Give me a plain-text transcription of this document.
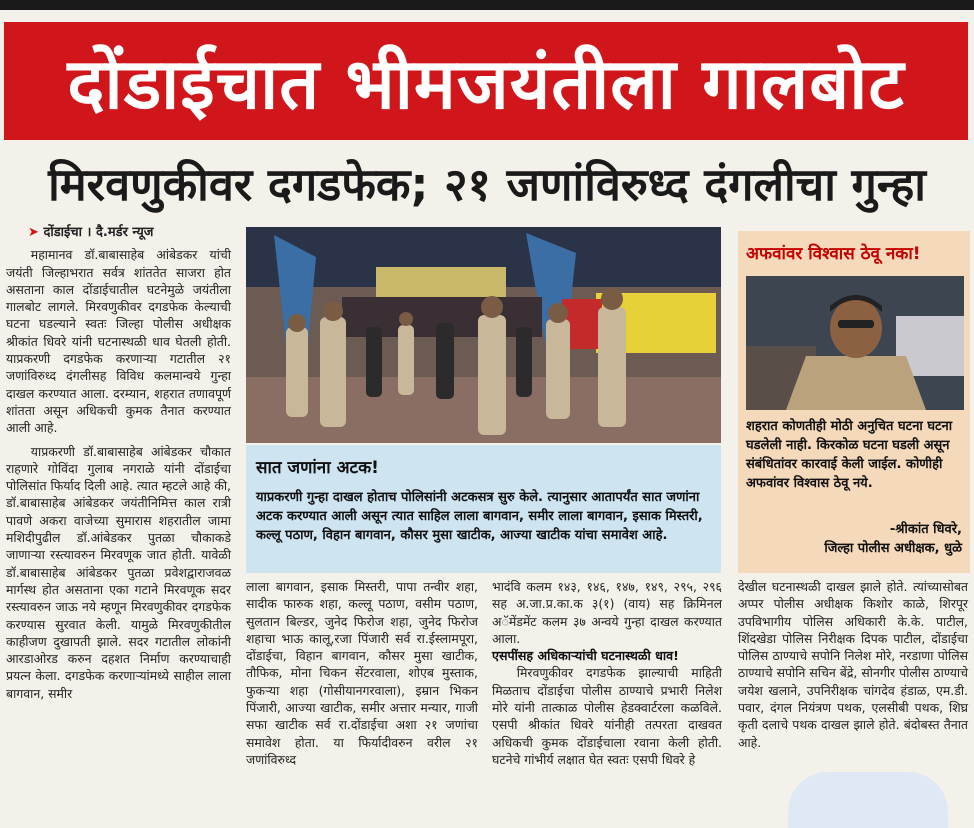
दोंडाईचात भीमजयंतीला गालबोट
मिरवणुकीवर दगडफेक; २१ जणांविरुध्द दंगलीचा गुन्हा
➤ दोंडाईचा । दै.मर्डर न्यूज

महामानव डॉ.बाबासाहेब आंबेडकर यांची जयंती जिल्हाभरात सर्वत्र शांततेत साजरा होत असताना काल दोंडाईचातील घटनेमुळे जयंतीला गालबोट लागले. मिरवणुकीवर दगडफेक केल्याची घटना घडल्याने स्वतः जिल्हा पोलीस अधीक्षक श्रीकांत धिवरे यांनी घटनास्थळी धाव घेतली होती. याप्रकरणी दगडफेक करणाऱ्या गटातील २१ जणांविरुध्द दंगलीसह विविध कलमान्वये गुन्हा दाखल करण्यात आला. दरम्यान, शहरात तणावपूर्ण शांतता असून अधिकची कुमक तैनात करण्यात आली आहे.

याप्रकरणी डॉ.बाबासाहेब आंबेडकर चौकात राहणारे गोविंदा गुलाब नगराळे यांनी दोंडाईचा पोलिसांत फिर्याद दिली आहे. त्यात म्हटले आहे की, डॉ.बाबासाहेब आंबेडकर जयंतीनिमित्त काल रात्री पावणे अकरा वाजेच्या सुमारास शहरातील जामा मशिदीपुढील डॉ.आंबेडकर पुतळा चौकाकडे जाणाऱ्या रस्त्यावरुन मिरवणूक जात होती. यावेळी डॉ.बाबासाहेब आंबेडकर पुतळा प्रवेशद्वाराजवळ मार्गस्थ होत असताना एका गटाने मिरवणूक सदर रस्त्यावरुन जाऊ नये म्हणून मिरवणुकीवर दगडफेक करण्यास सुरवात केली. यामुळे मिरवणुकीतील काहीजण दुखापती झाले. सदर गटातील लोकांनी आरडाओरड करुन दहशत निर्माण करण्याचाही प्रयत्न केला. दगडफेक करणाऱ्यांमध्ये साहील लाला बागवान, समीर

सात जणांना अटक!
याप्रकरणी गुन्हा दाखल होताच पोलिसांनी अटकसत्र सुरु केले. त्यानुसार आतापर्यंत सात जणांना अटक करण्यात आली असून त्यात साहिल लाला बागवान, समीर लाला बागवान, इसाक मिस्तरी, कल्लू पठाण, विहान बागवान, कौसर मुसा खाटीक, आज्या खाटीक यांचा समावेश आहे.
अफवांवर विश्वास ठेवू नका!
शहरात कोणतीही मोठी अनुचित घटना घटना घडलेली नाही. किरकोळ घटना घडली असून संबंधितांवर कारवाई केली जाईल. कोणीही अफवांवर विश्वास ठेवू नये.
-श्रीकांत धिवरे,
जिल्हा पोलीस अधीक्षक, धुळे

लाला बागवान, इसाक मिस्तरी, पापा तन्वीर शहा, सादीक फारुक शहा, कल्लू पठाण, वसीम पठाण, सुलतान बिल्डर, जुनेद फिरोज शहा, जुनेद फिरोज शहाचा भाऊ कालू,रजा पिंजारी सर्व रा.ईस्लामपूरा, दोंडाईचा, विहान बागवान, कौसर मुसा खाटीक, तौफिक, मोना चिकन सेंटरवाला, शोएब मुस्ताक, फुकऱ्या शहा (गोसीयानगरवाला), इम्रान भिकन पिंजारी, आज्या खाटीक, समीर अत्तार मन्यार, गाजी सफा खाटीक सर्व रा.दोंडाईचा अशा २१ जणांचा समावेश होता. या फिर्यादीवरुन वरील २१ जणांविरुध्द

भादंवि कलम १४३, १४६, १४७, १४९, २९५, २९६ सह अ.जा.प्र.का.क ३(१) (वाय) सह क्रिमिनल अॅमेंडमेंट कलम ३७ अन्वये गुन्हा दाखल करण्यात आला.

एसपींसह अधिकाऱ्यांची घटनास्थळी धाव!

मिरवणुकीवर दगडफेक झाल्याची माहिती मिळताच दोंडाईचा पोलीस ठाण्याचे प्रभारी निलेश मोरे यांनी तात्काळ पोलीस हेडक्वार्टरला कळविले. एसपी श्रीकांत धिवरे यांनीही तत्परता दाखवत अधिकची कुमक दोंडाईचाला रवाना केली होती. घटनेचे गांभीर्य लक्षात घेत स्वतः एसपी धिवरे हे

देखील घटनास्थळी दाखल झाले होते. त्यांच्यासोबत अप्पर पोलीस अधीक्षक किशोर काळे, शिरपूर उपविभागीय पोलिस अधिकारी के.के. पाटील, शिंदखेडा पोलिस निरीक्षक दिपक पाटील, दोंडाईचा पोलिस ठाण्याचे सपोनि निलेश मोरे, नरडाणा पोलिस ठाण्याचे सपोनि सचिन बेंद्रे, सोनगीर पोलीस ठाण्याचे जयेश खलाने, उपनिरीक्षक चांगदेव हंडाळ, एम.डी. पवार, दंगल नियंत्रण पथक, एलसीबी पथक, शिघ्र कृती दलाचे पथक दाखल झाले होते. बंदोबस्त तैनात आहे.
